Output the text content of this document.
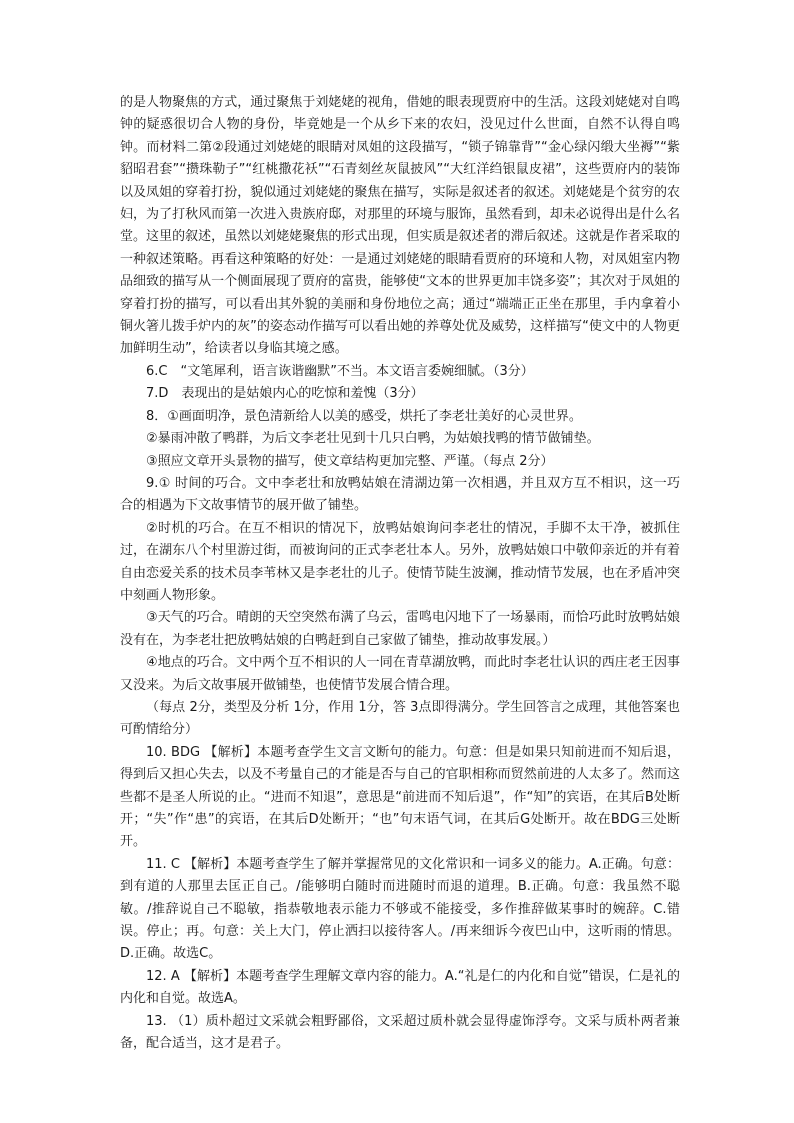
的是人物聚焦的方式，通过聚焦于刘姥姥的视角，借她的眼表现贾府中的生活。这段刘姥姥对自鸣钟的疑惑很切合人物的身份，毕竟她是一个从乡下来的农妇，没见过什么世面，自然不认得自鸣钟。而材料二第②段通过刘姥姥的眼睛对凤姐的这段描写，“锁子锦靠背”“金心绿闪缎大坐褥”“紫貂昭君套”“攒珠勒子”“红桃撒花袄”“石青刻丝灰鼠披风”“大红洋绉银鼠皮裙”，这些贾府内的装饰以及凤姐的穿着打扮，貌似通过刘姥姥的聚焦在描写，实际是叙述者的叙述。刘姥姥是个贫穷的农妇，为了打秋风而第一次进入贵族府邸，对那里的环境与服饰，虽然看到，却未必说得出是什么名堂。这里的叙述，虽然以刘姥姥聚焦的形式出现，但实质是叙述者的滞后叙述。这就是作者采取的一种叙述策略。再看这种策略的好处：一是通过刘姥姥的眼睛看贾府的环境和人物，对凤姐室内物品细致的描写从一个侧面展现了贾府的富贵，能够使“文本的世界更加丰饶多姿”；其次对于凤姐的穿着打扮的描写，可以看出其外貌的美丽和身份地位之高；通过“端端正正坐在那里，手内拿着小铜火箸儿拨手炉内的灰”的姿态动作描写可以看出她的养尊处优及威势，这样描写“使文中的人物更加鲜明生动”，给读者以身临其境之感。

6.C　“文笔犀利，语言诙谐幽默”不当。本文语言委婉细腻。（3分）

7.D　表现出的是姑娘内心的吃惊和羞愧（3分）

8．①画面明净，景色清新给人以美的感受，烘托了李老壮美好的心灵世界。

②暴雨冲散了鸭群，为后文李老壮见到十几只白鸭，为姑娘找鸭的情节做铺垫。

③照应文章开头景物的描写，使文章结构更加完整、严谨。（每点 2分）

9.① 时间的巧合。文中李老壮和放鸭姑娘在清湖边第一次相遇，并且双方互不相识，这一巧合的相遇为下文故事情节的展开做了铺垫。

②时机的巧合。在互不相识的情况下，放鸭姑娘询问李老壮的情况，手脚不太干净，被抓住过，在湖东八个村里游过街，而被询问的正式李老壮本人。另外，放鸭姑娘口中敬仰亲近的并有着自由恋爱关系的技术员李苇林又是李老壮的儿子。使情节陡生波澜，推动情节发展，也在矛盾冲突中刻画人物形象。

③天气的巧合。晴朗的天空突然布满了乌云，雷鸣电闪地下了一场暴雨，而恰巧此时放鸭姑娘没有在，为李老壮把放鸭姑娘的白鸭赶到自己家做了铺垫，推动故事发展。）

④地点的巧合。文中两个互不相识的人一同在青草湖放鸭，而此时李老壮认识的西庄老王因事又没来。为后文故事展开做铺垫，也使情节发展合情合理。

（每点 2分，类型及分析 1分，作用 1分，答 3点即得满分。学生回答言之成理，其他答案也可酌情给分）

10. BDG 【解析】本题考查学生文言文断句的能力。句意：但是如果只知前进而不知后退，得到后又担心失去，以及不考量自己的才能是否与自己的官职相称而贸然前进的人太多了。然而这些都不是圣人所说的止。“进而不知退”，意思是“前进而不知后退”，作“知”的宾语，在其后B处断开；“失”作“患”的宾语，在其后D处断开；“也”句末语气词，在其后G处断开。故在BDG三处断开。

11. C 【解析】本题考查学生了解并掌握常见的文化常识和一词多义的能力。A.正确。句意：到有道的人那里去匡正自己。/能够明白随时而进随时而退的道理。B.正确。句意：我虽然不聪敏。/推辞说自己不聪敏，指恭敬地表示能力不够或不能接受，多作推辞做某事时的婉辞。C.错误。停止；再。句意：关上大门，停止洒扫以接待客人。/再来细诉今夜巴山中，这听雨的情思。D.正确。故选C。

12. A 【解析】本题考查学生理解文章内容的能力。A.“礼是仁的内化和自觉”错误，仁是礼的内化和自觉。故选A。

13. （1）质朴超过文采就会粗野鄙俗，文采超过质朴就会显得虚饰浮夸。文采与质朴两者兼备，配合适当，这才是君子。
